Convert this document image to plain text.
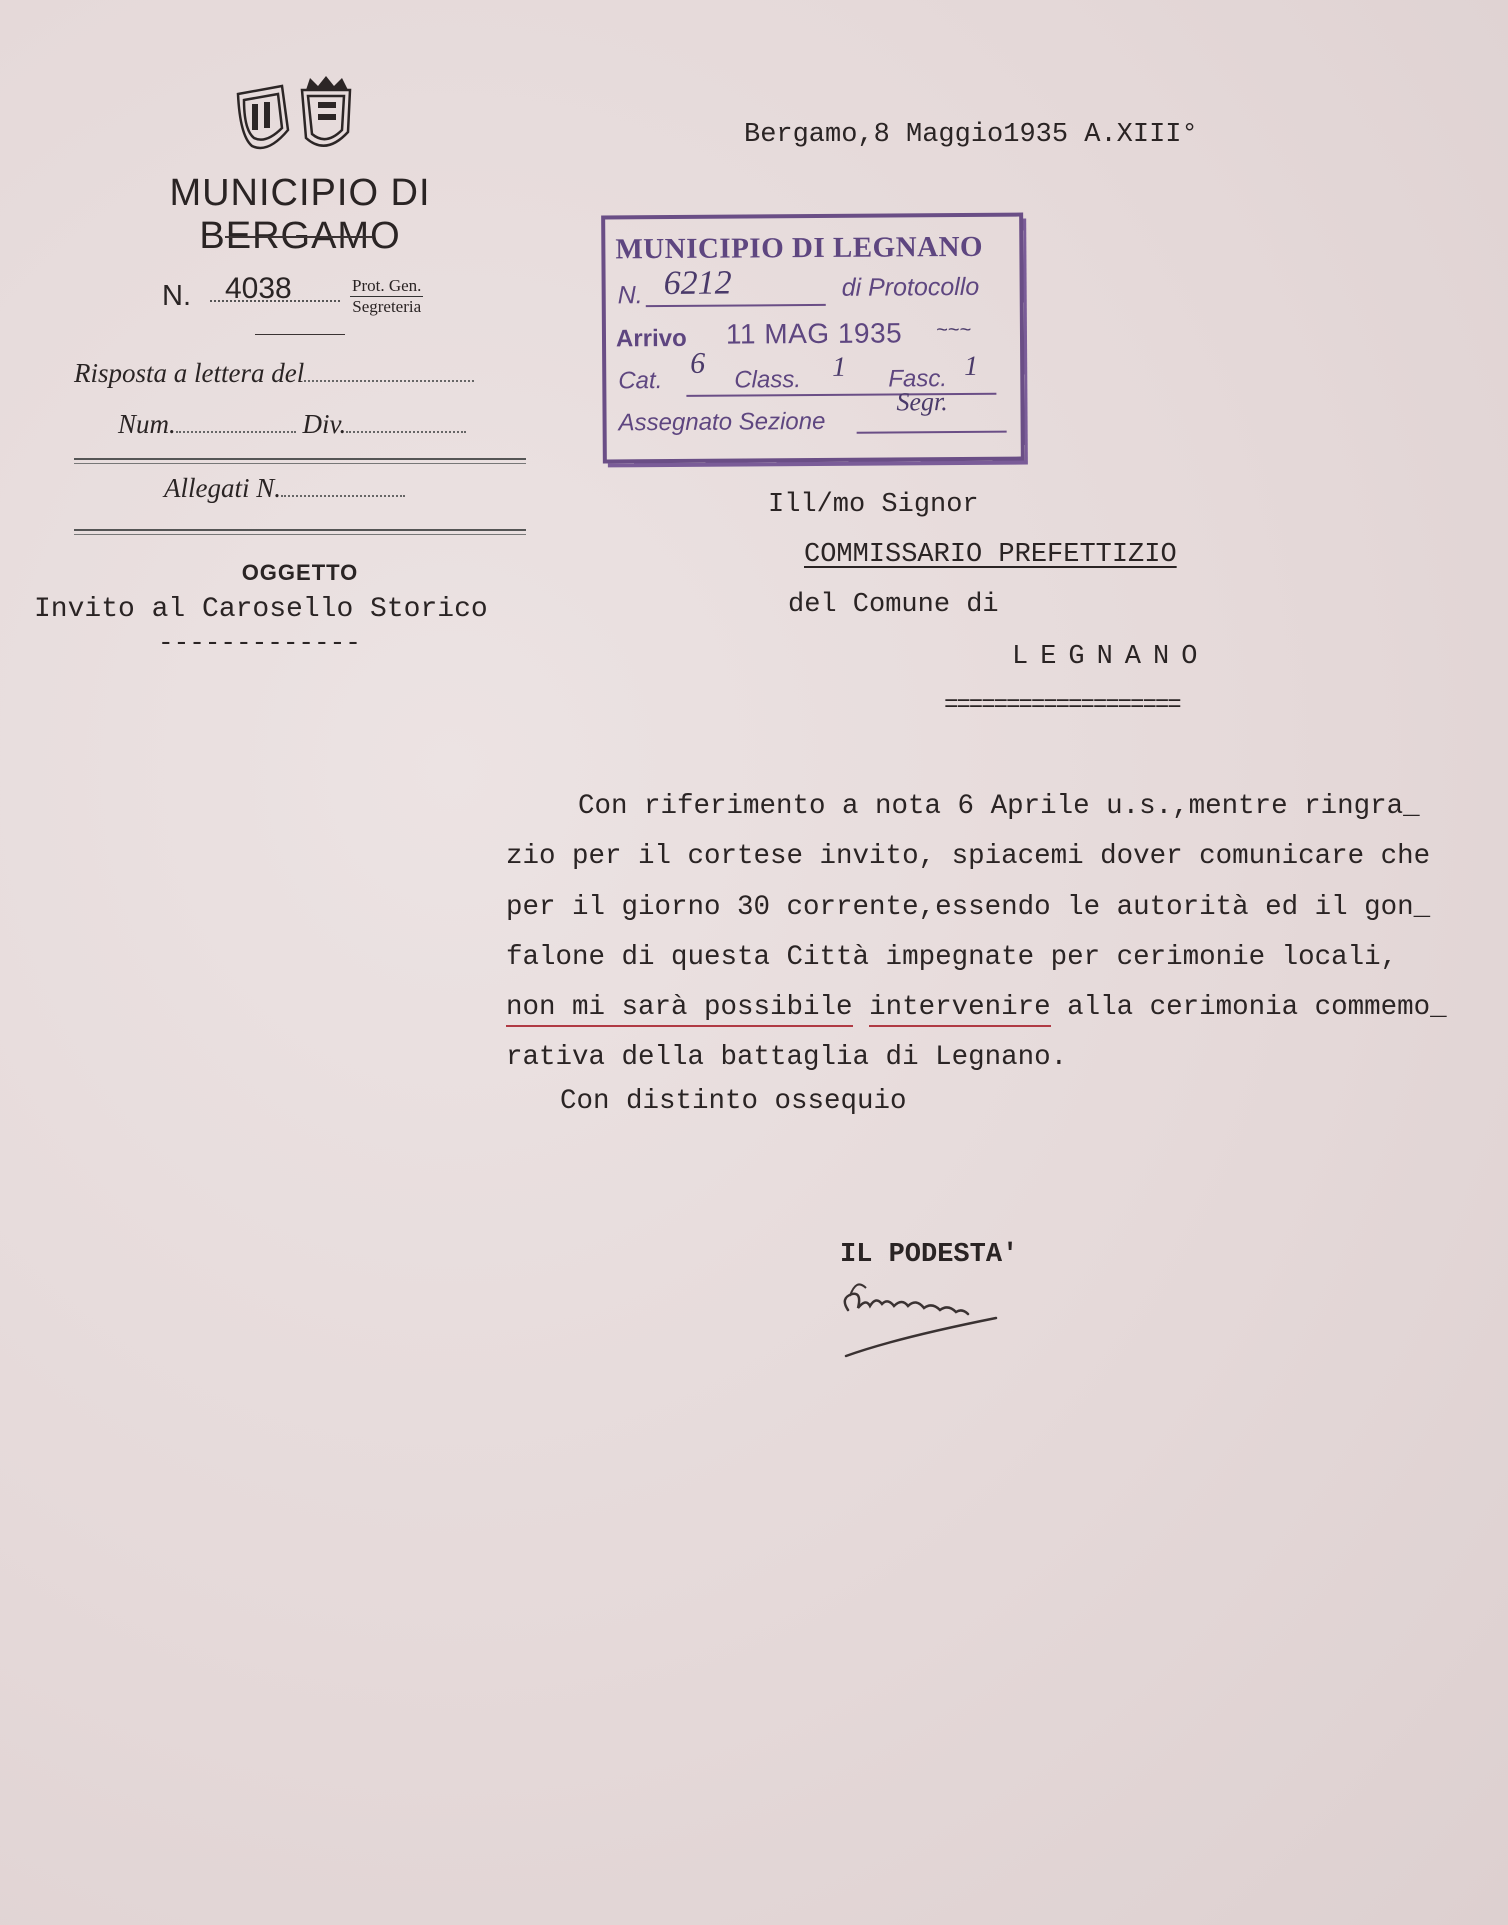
MUNICIPIO DI BERGAMO
N. 4038	Prot. Gen.
Segreteria
Risposta a lettera del
Num.	Div.
Allegati N.
OGGETTO
Invito al Carosello Storico
-------------
Bergamo,8 Maggio1935 A.XIII°
MUNICIPIO DI LEGNANO
N. 6212	di Protocollo
Arrivo 11 MAG 1935 ~~~
Cat.
6 Class. 1 Fasc. 1
Assegnato Sezione
Segr.
Ill/mo Signor
COMMISSARIO PREFETTIZIO
del Comune di
LEGNANO
===================
Con riferimento a nota 6 Aprile u.s.,mentre ringra_
zio per il cortese invito, spiacemi dover comunicare che
per il giorno 30 corrente,essendo le autorità ed il gon_
falone di questa Città impegnate per cerimonie locali,
non mi sarà possibile intervenire alla cerimonia commemo_
rativa della battaglia di Legnano.
Con distinto ossequio
IL PODESTA'
